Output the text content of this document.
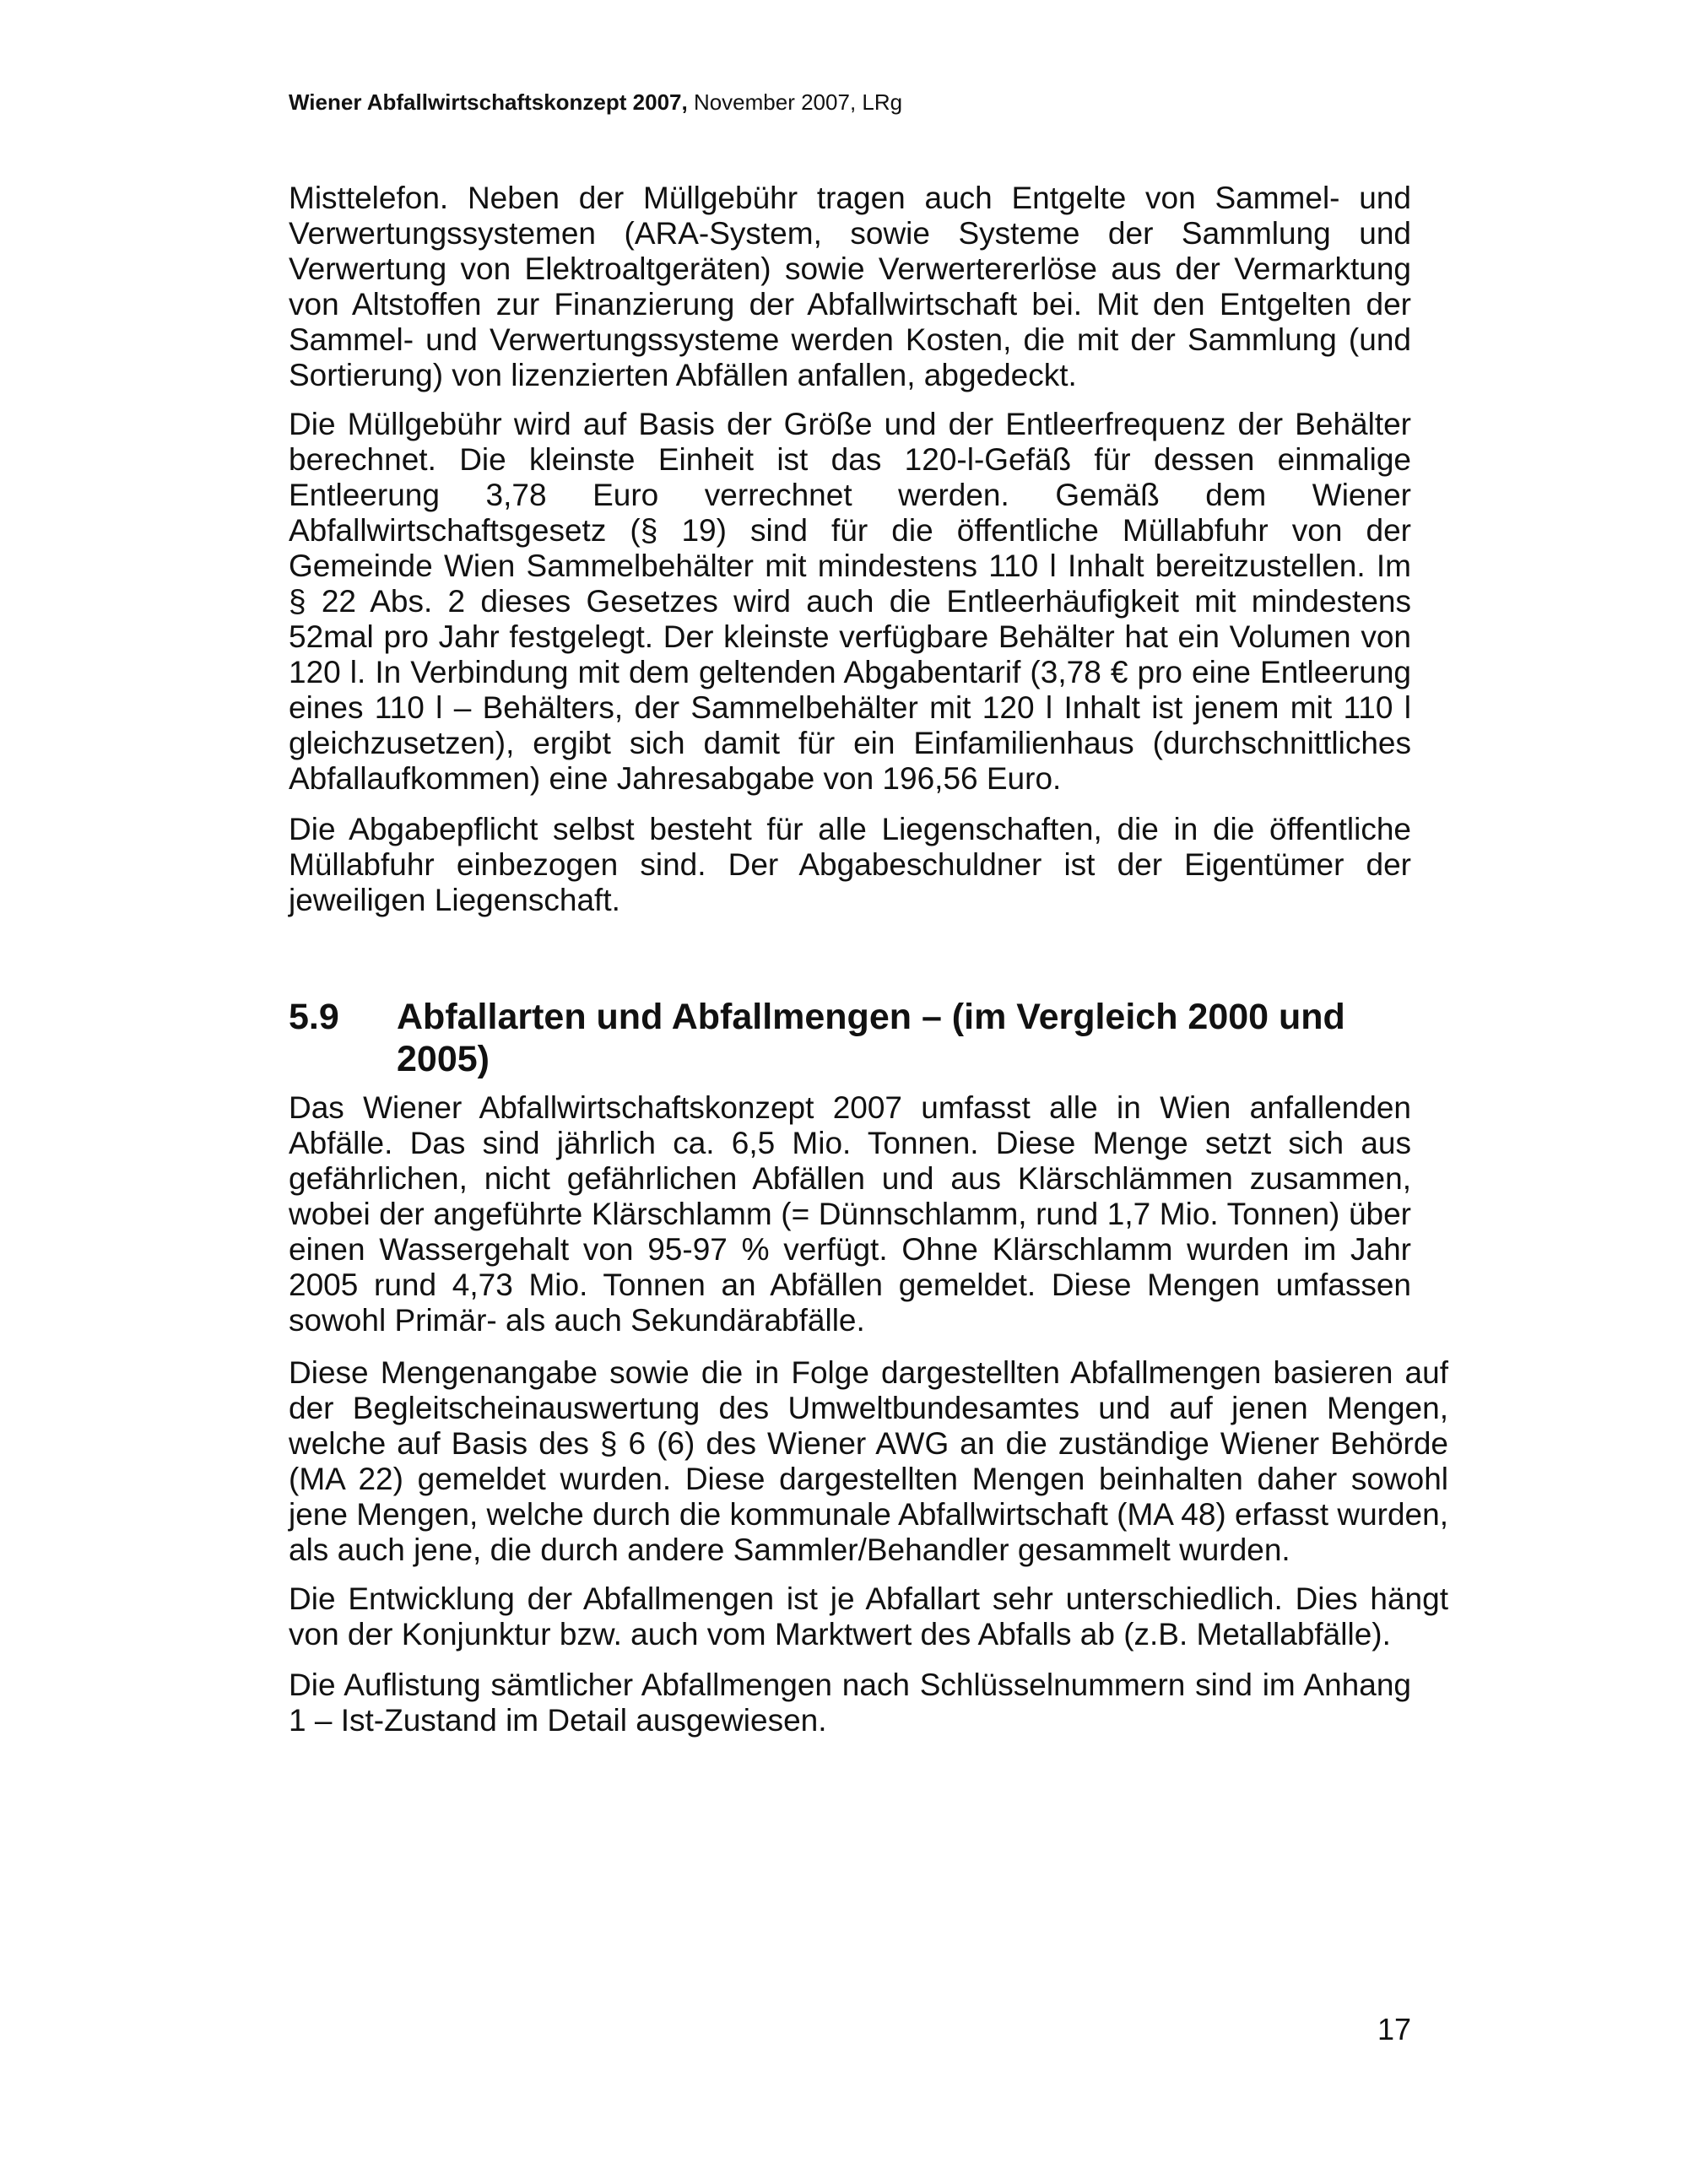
Wiener Abfallwirtschaftskonzept 2007, November 2007, LRg

Misttelefon. Neben der Müllgebühr tragen auch Entgelte von Sammel- und Verwertungssystemen (ARA-System, sowie Systeme der Sammlung und Verwertung von Elektroaltgeräten) sowie Verwertererlöse aus der Vermarktung von Altstoffen zur Finanzierung der Abfallwirtschaft bei. Mit den Entgelten der Sammel- und Verwertungssysteme werden Kosten, die mit der Sammlung (und Sortierung) von lizenzierten Abfällen anfallen, abgedeckt.

Die Müllgebühr wird auf Basis der Größe und der Entleerfrequenz der Behälter berechnet. Die kleinste Einheit ist das 120-l-Gefäß für dessen einmalige Entleerung 3,78 Euro verrechnet werden. Gemäß dem Wiener Abfallwirtschaftsgesetz (§ 19) sind für die öffentliche Müllabfuhr von der Gemeinde Wien Sammelbehälter mit mindestens 110 l Inhalt bereitzustellen. Im § 22 Abs. 2 dieses Gesetzes wird auch die Entleerhäufigkeit mit mindestens 52mal pro Jahr festgelegt. Der kleinste verfügbare Behälter hat ein Volumen von 120 l. In Verbindung mit dem geltenden Abgabentarif (3,78 € pro eine Entleerung eines 110 l – Behälters, der Sammelbehälter mit 120 l Inhalt ist jenem mit 110 l gleichzusetzen), ergibt sich damit für ein Einfamilienhaus (durchschnittliches Abfallaufkommen) eine Jahresabgabe von 196,56 Euro.

Die Abgabepflicht selbst besteht für alle Liegenschaften, die in die öffentliche Müllabfuhr einbezogen sind. Der Abgabeschuldner ist der Eigentümer der jeweiligen Liegenschaft.

5.9 Abfallarten und Abfallmengen – (im Vergleich 2000 und 2005)

Das Wiener Abfallwirtschaftskonzept 2007 umfasst alle in Wien anfallenden Abfälle. Das sind jährlich ca. 6,5 Mio. Tonnen. Diese Menge setzt sich aus gefährlichen, nicht gefährlichen Abfällen und aus Klärschlämmen zusammen, wobei der angeführte Klärschlamm (= Dünnschlamm, rund 1,7 Mio. Tonnen) über einen Wassergehalt von 95-97 % verfügt. Ohne Klärschlamm wurden im Jahr 2005 rund 4,73 Mio. Tonnen an Abfällen gemeldet. Diese Mengen umfassen sowohl Primär- als auch Sekundärabfälle.

Diese Mengenangabe sowie die in Folge dargestellten Abfallmengen basieren auf der Begleitscheinauswertung des Umweltbundesamtes und auf jenen Mengen, welche auf Basis des § 6 (6) des Wiener AWG an die zuständige Wiener Behörde (MA 22) gemeldet wurden. Diese dargestellten Mengen beinhalten daher sowohl jene Mengen, welche durch die kommunale Abfallwirtschaft (MA 48) erfasst wurden, als auch jene, die durch andere Sammler/Behandler gesammelt wurden.

Die Entwicklung der Abfallmengen ist je Abfallart sehr unterschiedlich. Dies hängt von der Konjunktur bzw. auch vom Marktwert des Abfalls ab (z.B. Metallabfälle).

Die Auflistung sämtlicher Abfallmengen nach Schlüsselnummern sind im Anhang 1 – Ist-Zustand im Detail ausgewiesen.

17
